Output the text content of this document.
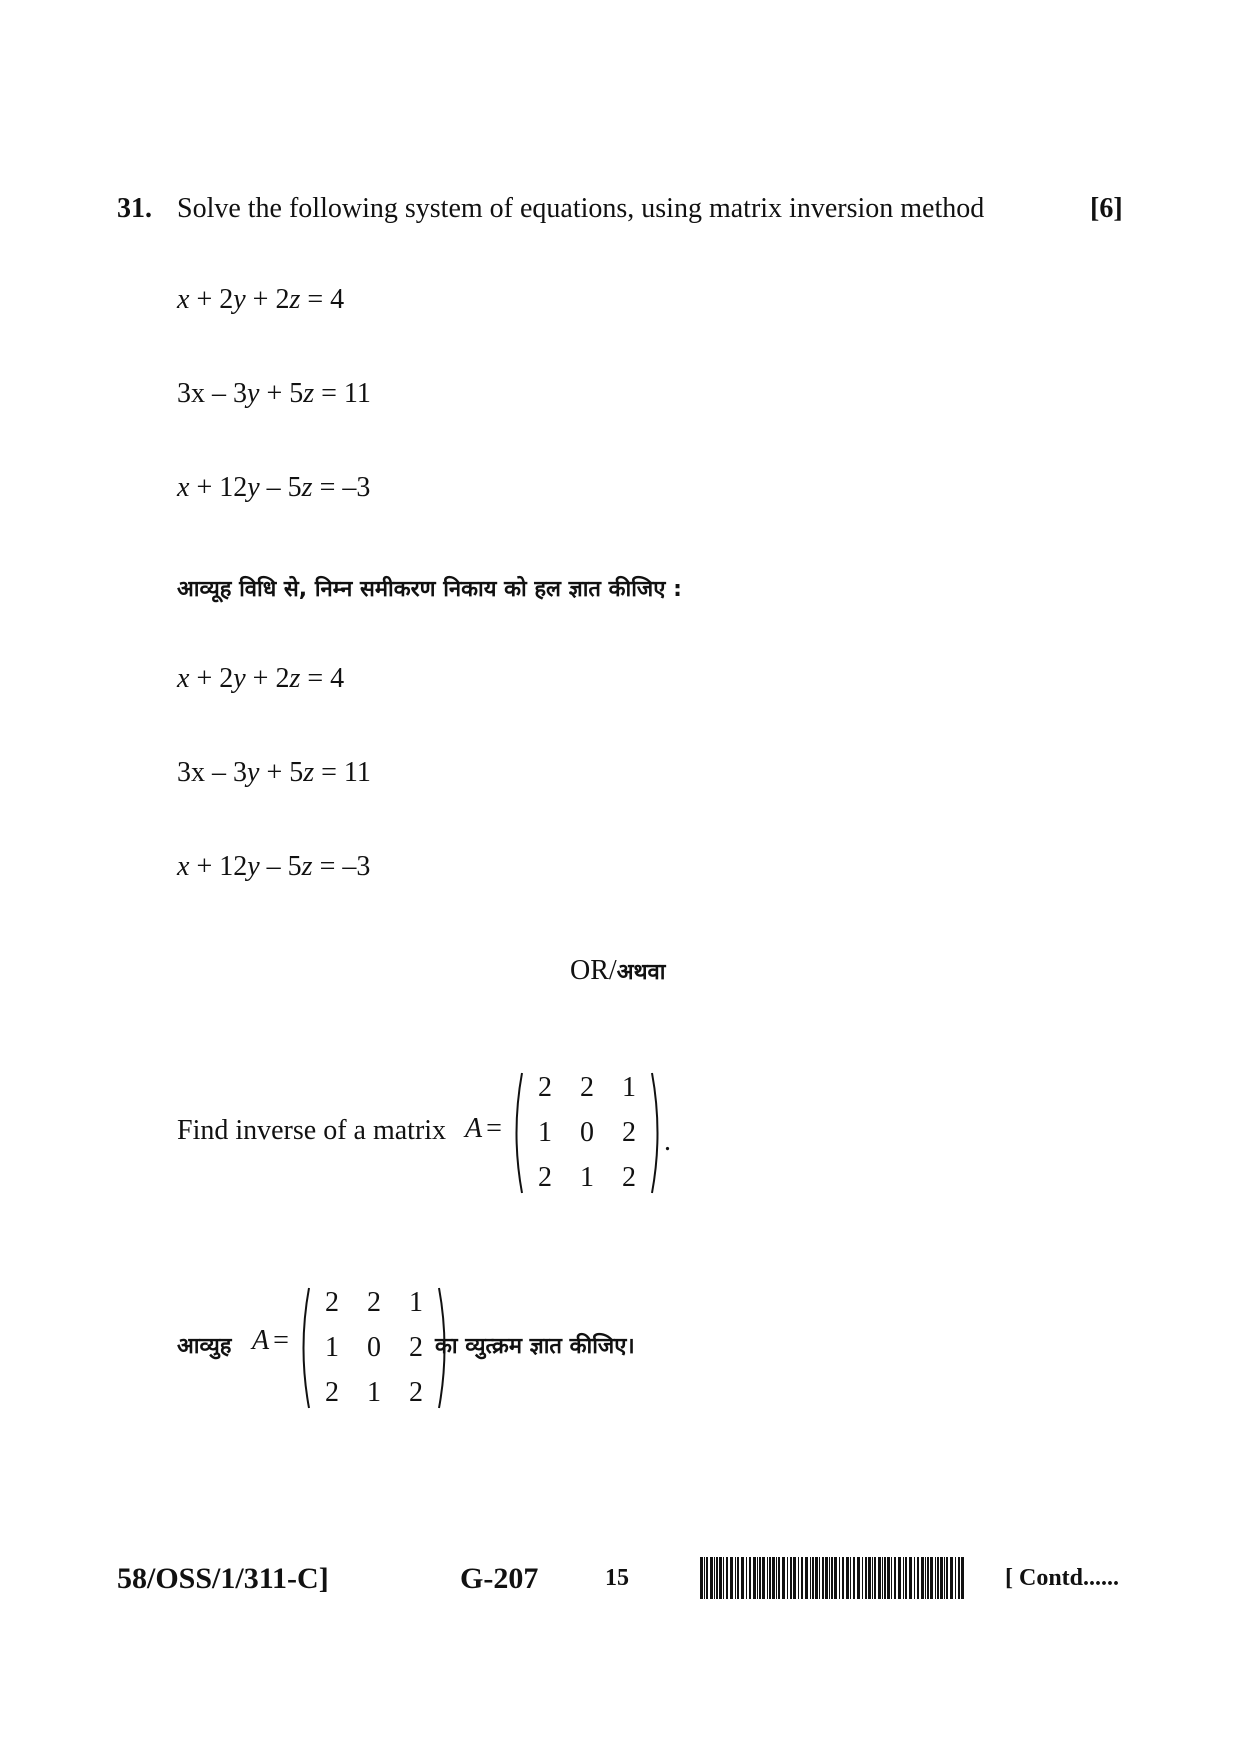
31. Solve the following system of equations, using matrix inversion method	[6]
x + 2y + 2z = 4
3x – 3y + 5z = 11
x + 12y – 5z = –3
आव्यूह विधि से, निम्न समीकरण निकाय को हल ज्ञात कीजिए :
x + 2y + 2z = 4
3x – 3y + 5z = 11
x + 12y – 5z = –3
OR/अथवा
Find inverse of a matrix A =
2	2	1
1	0	2
2	1	2
.
आव्युह A =
2	2	1
1	0	2
2	1	2
का व्युत्क्रम ज्ञात कीजिए।
58/OSS/1/311-C]	G-207	15	[ Contd......
